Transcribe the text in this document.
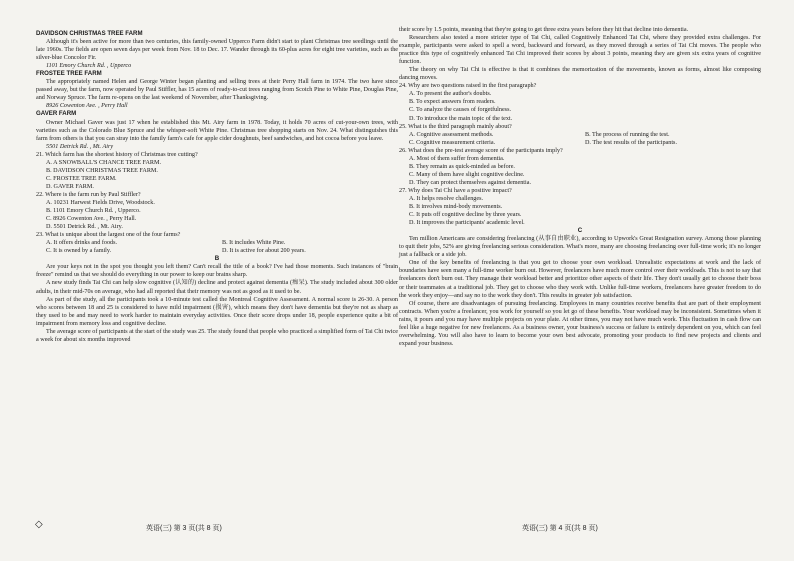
DAVIDSON CHRISTMAS TREE FARM

Although it's been active for more than two centuries, this family-owned Upperco Farm didn't start to plant Christmas tree seedlings until the late 1960s. The fields are open seven days per week from Nov. 18 to Dec. 17. Wander through its 60-plus acres for eight tree varieties, such as the silver-blue Concolor Fir.

1101 Emory Church Rd. , Upperco

FROSTEE TREE FARM

The appropriately named Helen and George Winter began planting and selling trees at their Perry Hall farm in 1974. The two have since passed away, but the farm, now operated by Paul Stiffler, has 15 acres of ready-to-cut trees ranging from Scotch Pine to White Pine, Douglas Pine, and Norway Spruce. The farm re-opens on the last weekend of November, after Thanksgiving.

8926 Cowenton Ave. , Perry Hall

GAVER FARM

Owner Michael Gaver was just 17 when he established this Mt. Airy farm in 1978. Today, it holds 70 acres of cut-your-own trees, with varieties such as the Colorado Blue Spruce and the whisper-soft White Pine. Christmas tree shopping starts on Nov. 24. What distinguishes this farm from others is that you can stray into the family farm's cafe for apple cider doughnuts, beef sandwiches, and hot cocoa before you leave.

5501 Detrick Rd. , Mt. Airy

21. Which farm has the shortest history of Christmas tree cutting?

A. A SNOWBALL'S CHANCE TREE FARM.

B. DAVIDSON CHRISTMAS TREE FARM.

C. FROSTEE TREE FARM.

D. GAVER FARM.

22. Where is the farm run by Paul Stiffler?

A. 10231 Harwest Fields Drive, Woodstock.

B. 1101 Emory Church Rd. , Upperco.

C. 8926 Cowenton Ave. , Perry Hall.

D. 5501 Detrick Rd. , Mt. Airy.

23. What is unique about the largest one of the four farms?

A. It offers drinks and foods.	B. It includes White Pine.
C. It is owned by a family.	D. It is active for about 200 years.

B

Are your keys not in the spot you thought you left them? Can't recall the title of a book? I've had those moments. Such instances of "brain freeze" remind us that we should do everything in our power to keep our brains sharp.

A new study finds Tai Chi can help slow cognitive (认知的) decline and protect against dementia (痴呆). The study included about 300 older adults, in their mid-70s on average, who had all reported that their memory was not as good as it used to be.

As part of the study, all the participants took a 10-minute test called the Montreal Cognitive Assessment. A normal score is 26-30. A person who scores between 18 and 25 is considered to have mild impairment (损害), which means they don't have dementia but they're not as sharp as they used to be and may need to work harder to maintain everyday activities. Once their score drops under 18, people experience quite a bit of impairment from memory loss and cognitive decline.

The average score of participants at the start of the study was 25. The study found that people who practiced a simplified form of Tai Chi twice a week for about six months improved

their score by 1.5 points, meaning that they're going to get three extra years before they hit that decline into dementia.

Researchers also tested a more stricter type of Tai Chi, called Cognitively Enhanced Tai Chi, where they provided extra challenges. For example, participants were asked to spell a word, backward and forward, as they moved through a series of Tai Chi moves. The people who practice this type of cognitively enhanced Tai Chi improved their scores by about 3 points, meaning they are given six extra years of cognitive function.

The theory on why Tai Chi is effective is that it combines the memorization of the movements, known as forms, almost like composing dancing moves.

24. Why are two questions raised in the first paragraph?

A. To present the author's doubts.

B. To expect answers from readers.

C. To analyze the causes of forgetfulness.

D. To introduce the main topic of the text.

25. What is the third paragraph mainly about?

A. Cognitive assessment methods.	B. The process of running the test.
C. Cognitive measurement criteria.	D. The test results of the participants.

26. What does the pre-test average score of the participants imply?

A. Most of them suffer from dementia.

B. They remain as quick-minded as before.

C. Many of them have slight cognitive decline.

D. They can protect themselves against dementia.

27. Why does Tai Chi have a positive impact?

A. It helps resolve challenges.

B. It involves mind-body movements.

C. It puts off cognitive decline by three years.

D. It improves the participants' academic level.

C

Ten million Americans are considering freelancing (从事自由职业), according to Upwork's Great Resignation survey. Among those planning to quit their jobs, 52% are giving freelancing serious consideration. What's more, many are choosing freelancing over full-time work; it's no longer just a fallback or a side job.

One of the key benefits of freelancing is that you get to choose your own workload. Unrealistic expectations at work and the lack of boundaries have seen many a full-time worker burn out. However, freelancers have much more control over their workloads. This is not to say that freelancers don't burn out. They manage their workload better and prioritize other aspects of their life. They don't usually get to choose their boss or their teammates at a traditional job. They get to choose who they work with. Unlike full-time workers, freelancers have greater freedom to do the work they enjoy—and say no to the work they don't. This results in greater job satisfaction.

Of course, there are disadvantages of pursuing freelancing. Employees in many countries receive benefits that are part of their employment contracts. When you're a freelancer, you work for yourself so you let go of these benefits. Your workload may be inconsistent. Sometimes when it rains, it pours and you may have multiple projects on your plate. At other times, you may not have much work. This fluctuation in cash flow can feel like a huge negative for new freelancers. As a business owner, your business's success or failure is entirely dependent on you, which can feel overwhelming. You will also have to learn to become your own best advocate, promoting your products to find new projects and clients and expand your business.

◇	英语(三) 第 3 页(共 8 页)	英语(三) 第 4 页(共 8 页)
